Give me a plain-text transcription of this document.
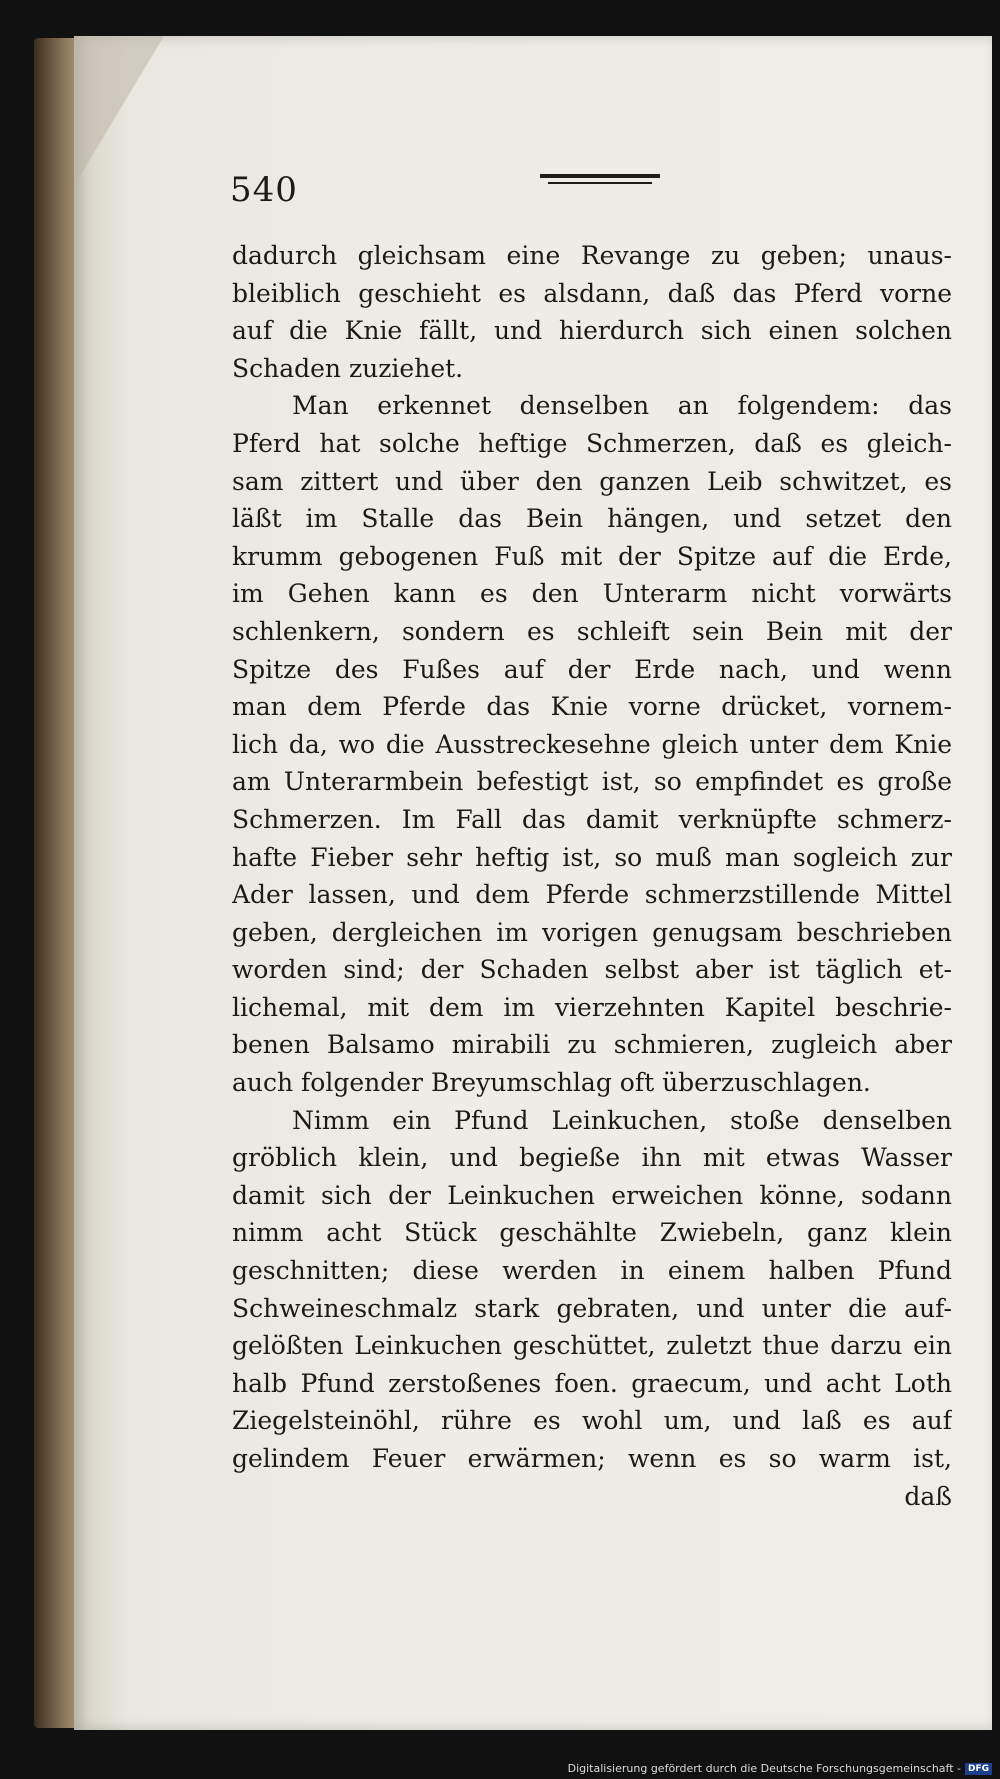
540
dadurch gleichsam eine Revange zu geben; unaus-
bleiblich geschieht es alsdann, daß das Pferd vorne
auf die Knie fällt, und hierdurch sich einen solchen
Schaden zuziehet.
Man erkennet denselben an folgendem: das
Pferd hat solche heftige Schmerzen, daß es gleich-
sam zittert und über den ganzen Leib schwitzet, es
läßt im Stalle das Bein hängen, und setzet den
krumm gebogenen Fuß mit der Spitze auf die Erde,
im Gehen kann es den Unterarm nicht vorwärts
schlenkern, sondern es schleift sein Bein mit der
Spitze des Fußes auf der Erde nach, und wenn
man dem Pferde das Knie vorne drücket, vornem-
lich da, wo die Ausstreckesehne gleich unter dem Knie
am Unterarmbein befestigt ist, so empfindet es große
Schmerzen. Im Fall das damit verknüpfte schmerz-
hafte Fieber sehr heftig ist, so muß man sogleich zur
Ader lassen, und dem Pferde schmerzstillende Mittel
geben, dergleichen im vorigen genugsam beschrieben
worden sind; der Schaden selbst aber ist täglich et-
lichemal, mit dem im vierzehnten Kapitel beschrie-
benen Balsamo mirabili zu schmieren, zugleich aber
auch folgender Breyumschlag oft überzuschlagen.
Nimm ein Pfund Leinkuchen, stoße denselben
gröblich klein, und begieße ihn mit etwas Wasser
damit sich der Leinkuchen erweichen könne, sodann
nimm acht Stück geschählte Zwiebeln, ganz klein
geschnitten; diese werden in einem halben Pfund
Schweineschmalz stark gebraten, und unter die auf-
gelößten Leinkuchen geschüttet, zuletzt thue darzu ein
halb Pfund zerstoßenes foen. graecum, und acht Loth
Ziegelsteinöhl, rühre es wohl um, und laß es auf
gelindem Feuer erwärmen; wenn es so warm ist,
daß
Digitalisierung gefördert durch die Deutsche Forschungsgemeinschaft - DFG
